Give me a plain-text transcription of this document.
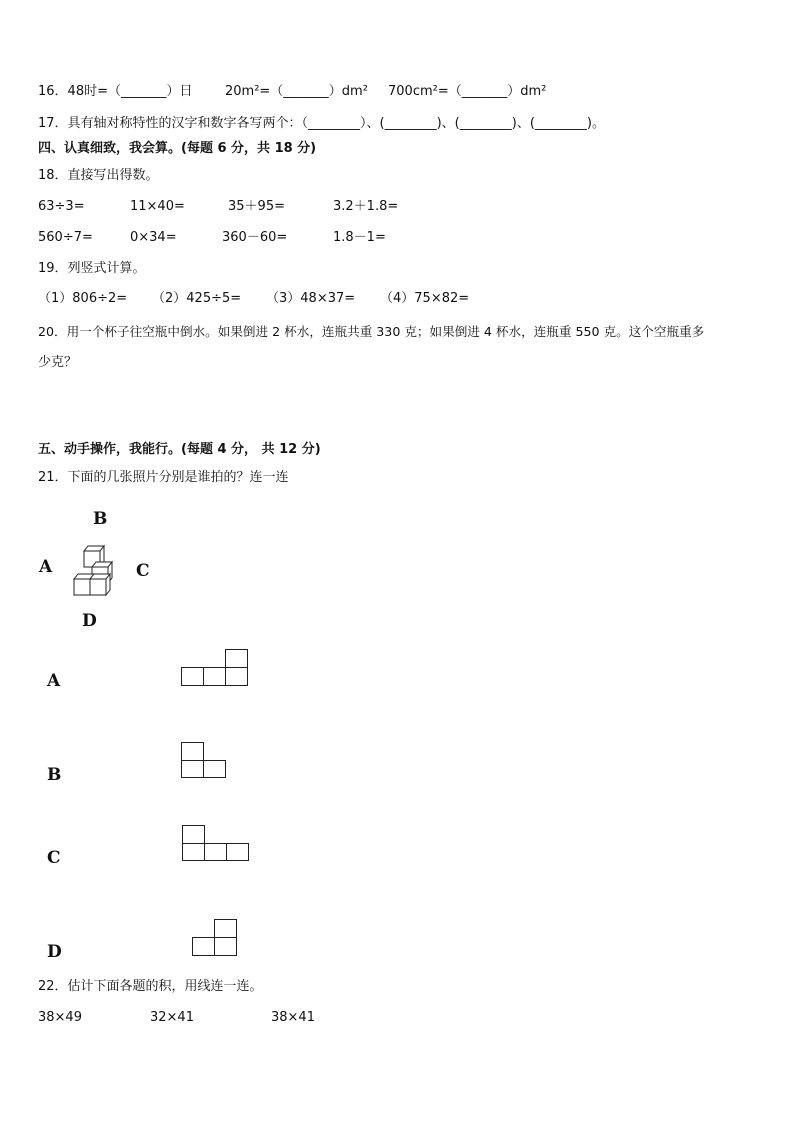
16．48时=（_______）日	20m²=（_______）dm² 700cm²=（_______）dm²
17．具有轴对称特性的汉字和数字各写两个：（________）、(________)、(________)、(________)。
四、认真细致，我会算。(每题 6 分，共 18 分)
18．直接写出得数。
63÷3=	11×40=	35＋95=	3.2＋1.8=
560÷7=	0×34=	360－60=	1.8－1=
19．列竖式计算。
（1）806÷2= （2）425÷5= （3）48×37= （4）75×82=
20．用一个杯子往空瓶中倒水。如果倒进 2 杯水，连瓶共重 330 克；如果倒进 4 杯水，连瓶重 550 克。这个空瓶重多
少克？
五、动手操作，我能行。(每题 4 分， 共 12 分)
21．下面的几张照片分别是谁拍的？连一连
B
A	C
D
A
B
C
D
22．估计下面各题的积，用线连一连。
38×49	32×41	38×41
